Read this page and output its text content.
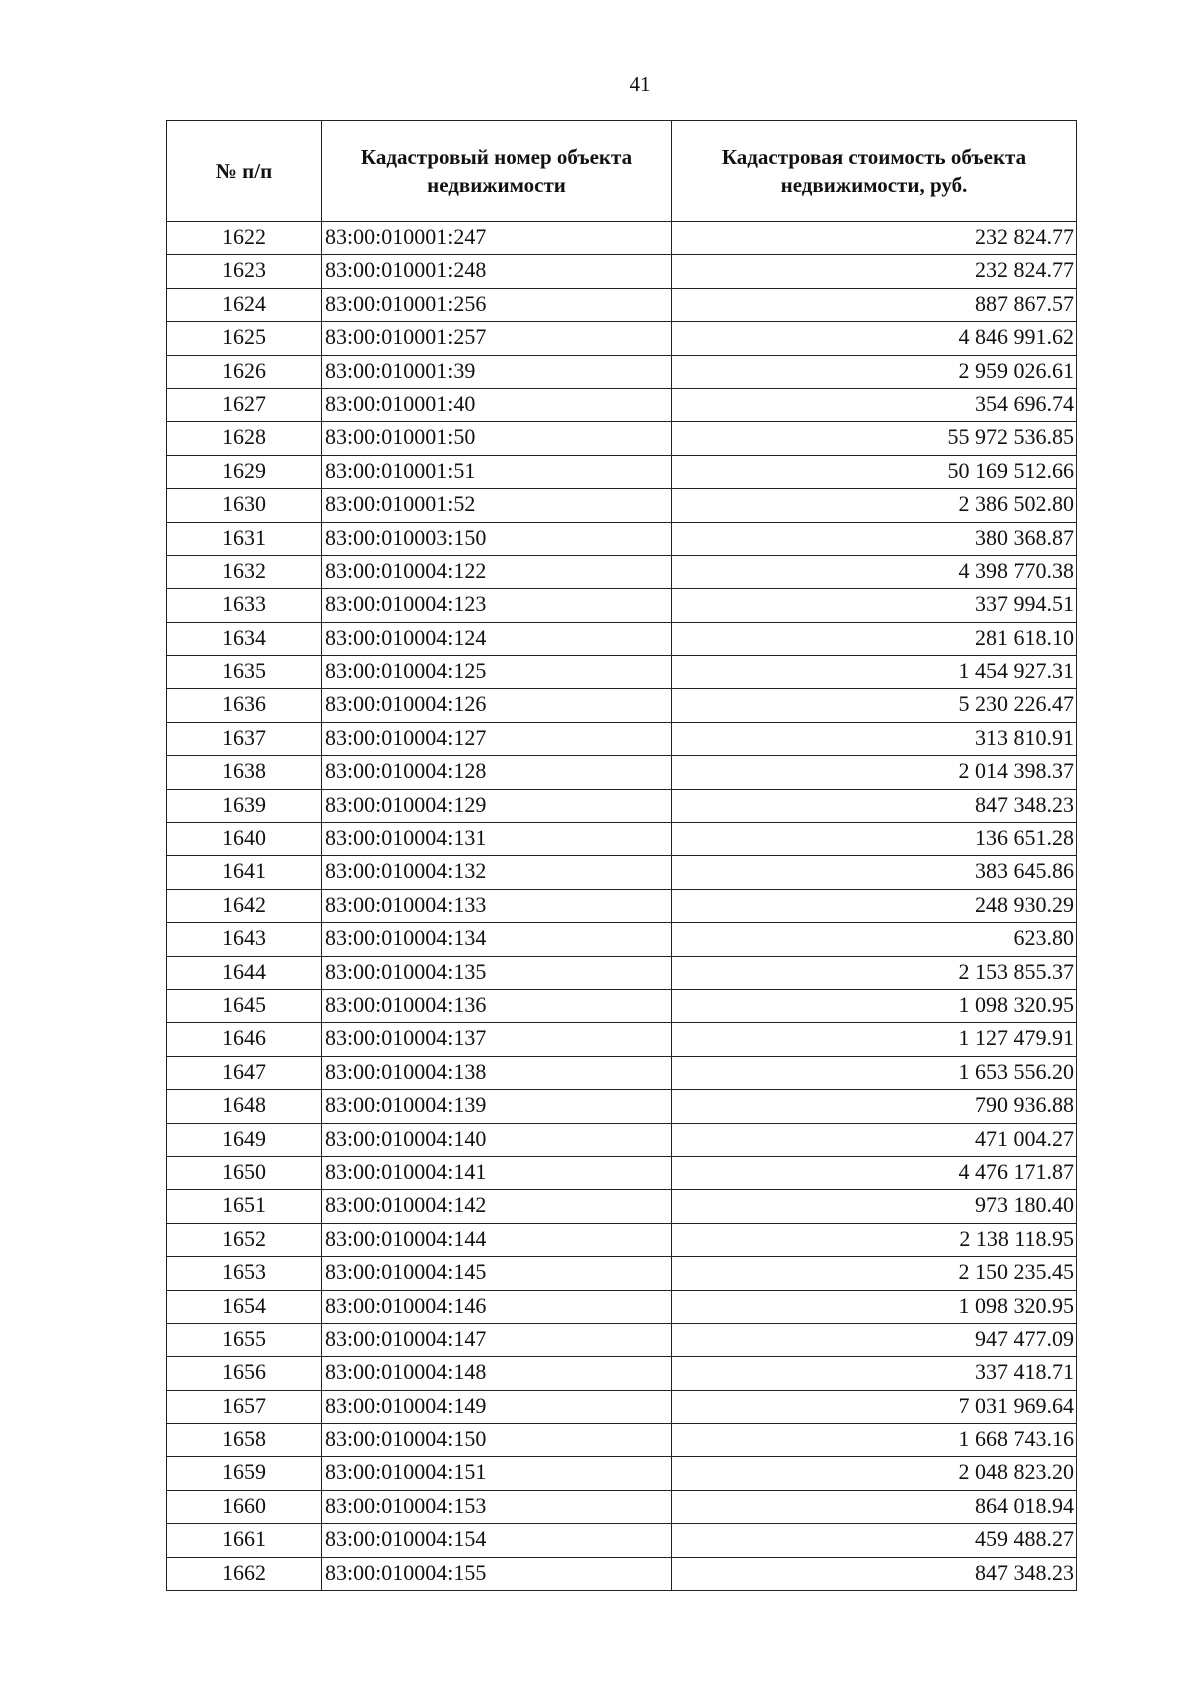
41
№ п/п	Кадастровый номер объекта недвижимости	Кадастровая стоимость объекта недвижимости, руб.
1622	83:00:010001:247	232 824.77
1623	83:00:010001:248	232 824.77
1624	83:00:010001:256	887 867.57
1625	83:00:010001:257	4 846 991.62
1626	83:00:010001:39	2 959 026.61
1627	83:00:010001:40	354 696.74
1628	83:00:010001:50	55 972 536.85
1629	83:00:010001:51	50 169 512.66
1630	83:00:010001:52	2 386 502.80
1631	83:00:010003:150	380 368.87
1632	83:00:010004:122	4 398 770.38
1633	83:00:010004:123	337 994.51
1634	83:00:010004:124	281 618.10
1635	83:00:010004:125	1 454 927.31
1636	83:00:010004:126	5 230 226.47
1637	83:00:010004:127	313 810.91
1638	83:00:010004:128	2 014 398.37
1639	83:00:010004:129	847 348.23
1640	83:00:010004:131	136 651.28
1641	83:00:010004:132	383 645.86
1642	83:00:010004:133	248 930.29
1643	83:00:010004:134	623.80
1644	83:00:010004:135	2 153 855.37
1645	83:00:010004:136	1 098 320.95
1646	83:00:010004:137	1 127 479.91
1647	83:00:010004:138	1 653 556.20
1648	83:00:010004:139	790 936.88
1649	83:00:010004:140	471 004.27
1650	83:00:010004:141	4 476 171.87
1651	83:00:010004:142	973 180.40
1652	83:00:010004:144	2 138 118.95
1653	83:00:010004:145	2 150 235.45
1654	83:00:010004:146	1 098 320.95
1655	83:00:010004:147	947 477.09
1656	83:00:010004:148	337 418.71
1657	83:00:010004:149	7 031 969.64
1658	83:00:010004:150	1 668 743.16
1659	83:00:010004:151	2 048 823.20
1660	83:00:010004:153	864 018.94
1661	83:00:010004:154	459 488.27
1662	83:00:010004:155	847 348.23
